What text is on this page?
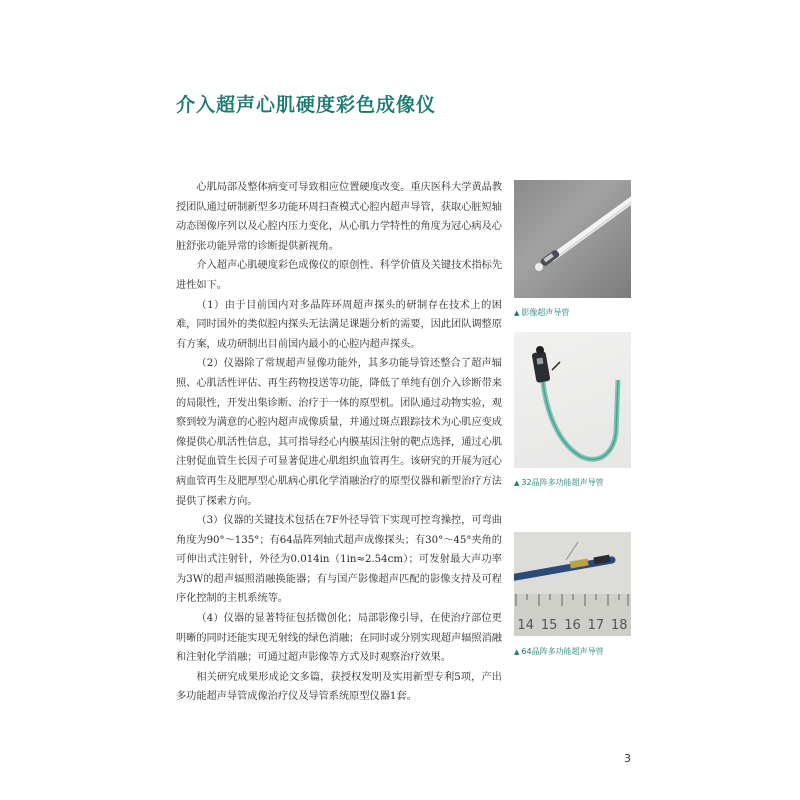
介入超声心肌硬度彩色成像仪

心肌局部及整体病变可导致相应位置硬度改变。重庆医科大学黄晶教授团队通过研制新型多功能环周扫查模式心腔内超声导管，获取心脏短轴动态图像序列以及心腔内压力变化，从心肌力学特性的角度为冠心病及心脏舒张功能异常的诊断提供新视角。

介入超声心肌硬度彩色成像仪的原创性、科学价值及关键技术指标先进性如下。

（1）由于目前国内对多晶阵环周超声探头的研制存在技术上的困难，同时国外的类似腔内探头无法满足课题分析的需要，因此团队调整原有方案，成功研制出目前国内最小的心腔内超声探头。

（2）仪器除了常规超声显像功能外，其多功能导管还整合了超声辐照、心肌活性评估、再生药物投送等功能，降低了单纯有创介入诊断带来的局限性，开发出集诊断、治疗于一体的原型机。团队通过动物实验，观察到较为满意的心腔内超声成像质量，并通过斑点跟踪技术为心肌应变成像提供心肌活性信息，其可指导经心内膜基因注射的靶点选择，通过心肌注射促血管生长因子可显著促进心肌组织血管再生。该研究的开展为冠心病血管再生及肥厚型心肌病心肌化学消融治疗的原型仪器和新型治疗方法提供了探索方向。

（3）仪器的关键技术包括在7F外径导管下实现可控弯操控，可弯曲角度为90°～135°；有64晶阵列轴式超声成像探头；有30°～45°夹角的可伸出式注射针，外径为0.014in（1in≈2.54cm）；可发射最大声功率为3W的超声辐照消融换能器；有与国产影像超声匹配的影像支持及可程序化控制的主机系统等。

（4）仪器的显著特征包括微创化；局部影像引导，在使治疗部位更明晰的同时还能实现无射线的绿色消融；在同时或分别实现超声辐照消融和注射化学消融；可通过超声影像等方式及时观察治疗效果。

相关研究成果形成论文多篇，获授权发明及实用新型专利5项，产出多功能超声导管成像治疗仪及导管系统原型仪器1套。

▲ 影像超声导管
▲ 32晶阵多功能超声导管
14 15 16 17 18
▲ 64晶阵多功能超声导管
3
